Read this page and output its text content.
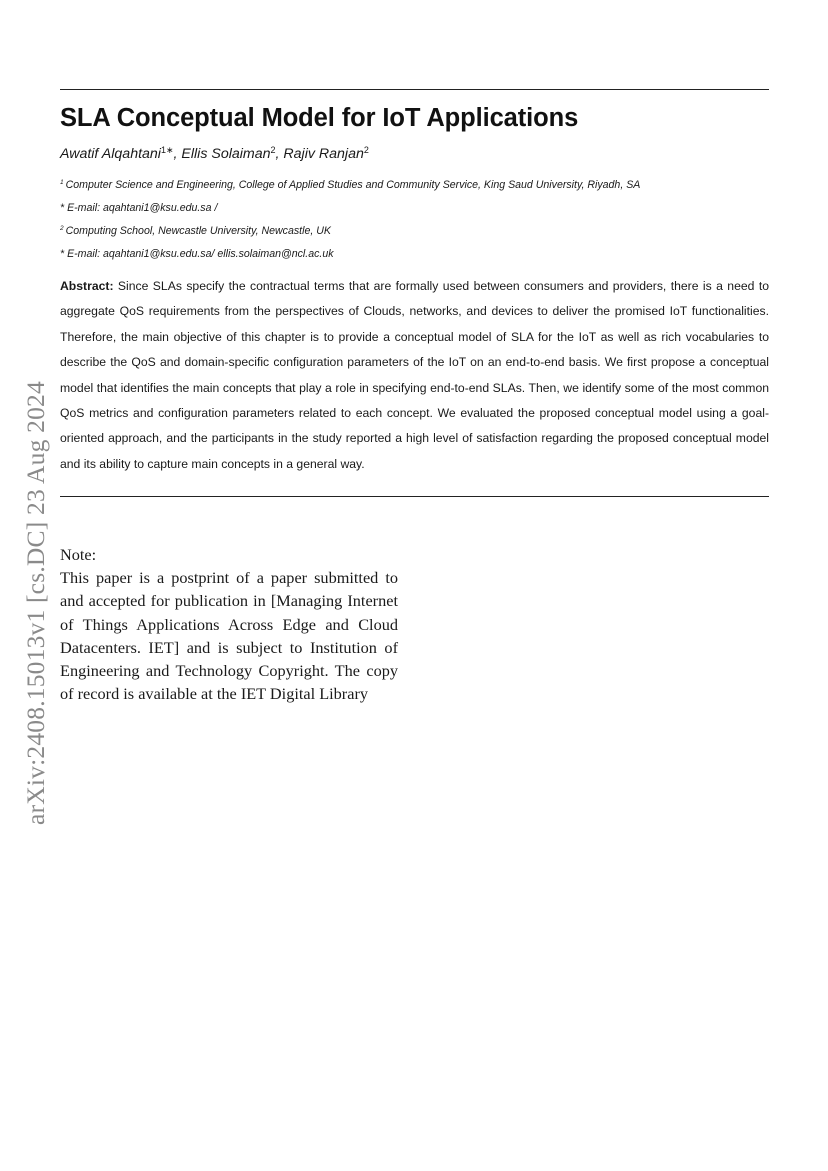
SLA Conceptual Model for IoT Applications
Awatif Alqahtani$^{1∗}$, Ellis Solaiman$^2$, Rajiv Ranjan$^2$
$^1$ Computer Science and Engineering, College of Applied Studies and Community Service, King Saud University, Riyadh, SA
* E-mail: aqahtani1@ksu.edu.sa /
$^2$ Computing School, Newcastle University, Newcastle, UK
* E-mail: aqahtani1@ksu.edu.sa/ ellis.solaiman@ncl.ac.uk

Abstract: Since SLAs specify the contractual terms that are formally used between consumers and providers, there is a need to aggregate QoS requirements from the perspectives of Clouds, networks, and devices to deliver the promised IoT functionalities. Therefore, the main objective of this chapter is to provide a conceptual model of SLA for the IoT as well as rich vocabularies to describe the QoS and domain-specific configuration parameters of the IoT on an end-to-end basis. We first propose a conceptual model that identifies the main concepts that play a role in specifying end-to-end SLAs. Then, we identify some of the most common QoS metrics and configuration parameters related to each concept. We evaluated the proposed conceptual model using a goal-oriented approach, and the participants in the study reported a high level of satisfaction regarding the proposed conceptual model and its ability to capture main concepts in a general way.

Note:
This paper is a postprint of a paper submitted to and accepted for publication in [Managing Internet of Things Applications Across Edge and Cloud Datacenters. IET] and is subject to Institution of Engineering and Technology Copyright. The copy of record is available at the IET Digital Library
arXiv:2408.15013v1 [cs.DC] 23 Aug 2024
